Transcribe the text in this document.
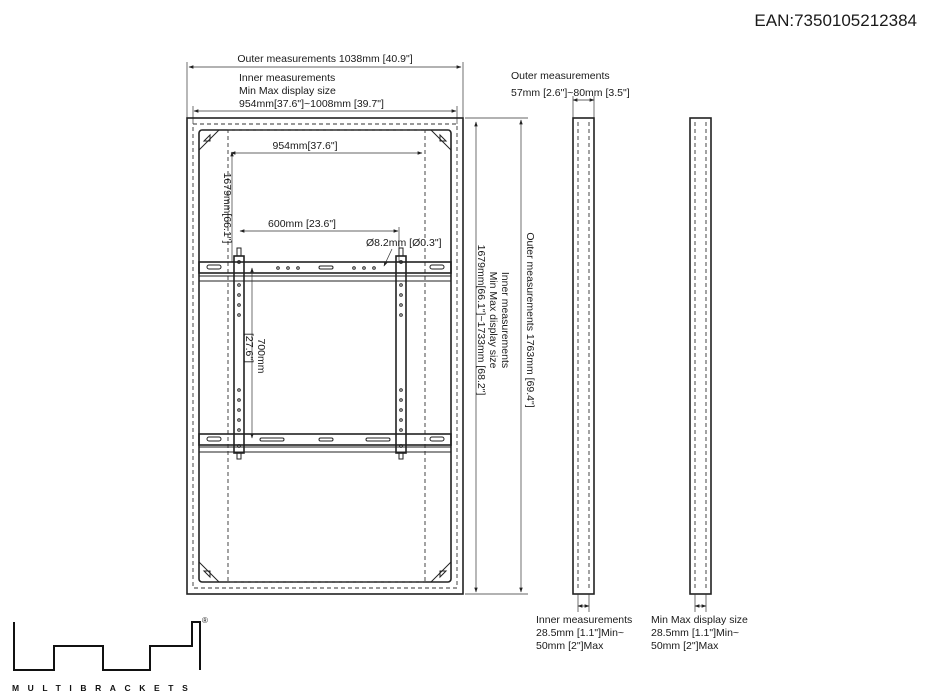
EAN:7350105212384
Outer measurements 1038mm [40.9"]
Inner measurements
Min Max display size
954mm[37.6"]~1008mm [39.7"]
954mm[37.6"]
1679mm[66.1"]	600mm [23.6"]
Ø8.2mm [Ø0.3"]
700mm
[27.6"]	Inner measurements
Min Max display size
1679mm[66.1"]~1733mm [68.2"]	Outer measurements 1763mm [69.4"]
Outer measurements
57mm [2.6"]~80mm [3.5"]
Inner measurements
28.5mm [1.1"]Min~
50mm [2"]Max
Min Max display size
28.5mm [1.1"]Min~
50mm [2"]Max
®
MULTIBRACKETS
